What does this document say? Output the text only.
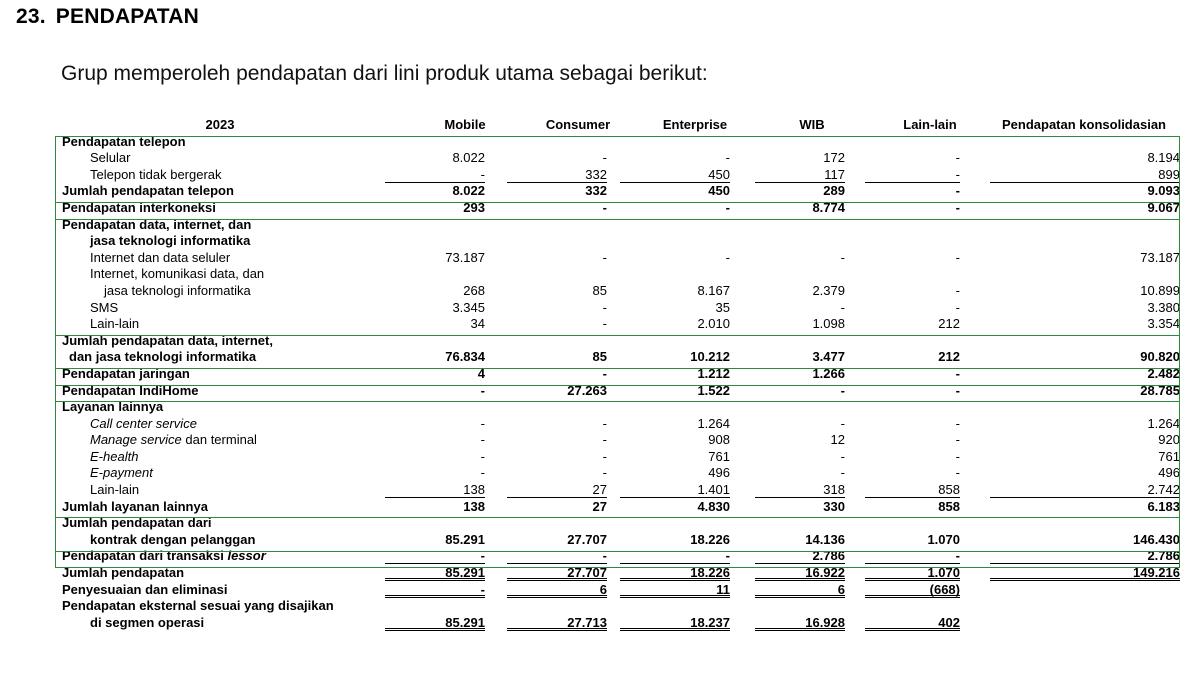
23. PENDAPATAN
Grup memperoleh pendapatan dari lini produk utama sebagai berikut:
2023	Mobile	Consumer	Enterprise	WIB	Lain-lain	Pendapatan konsolidasian
Pendapatan telepon
Selular	8.022	-	-	172	-	8.194
Telepon tidak bergerak	-	332	450	117	-	899
Jumlah pendapatan telepon	8.022	332	450	289	-	9.093
Pendapatan interkoneksi	293	-	-	8.774	-	9.067
Pendapatan data, internet, dan
jasa teknologi informatika
Internet dan data seluler	73.187	-	-	-	-	73.187
Internet, komunikasi data, dan
jasa teknologi informatika	268	85	8.167	2.379	-	10.899
SMS	3.345	-	35	-	-	3.380
Lain-lain	34	-	2.010	1.098	212	3.354
Jumlah pendapatan data, internet,
dan jasa teknologi informatika	76.834	85	10.212	3.477	212	90.820
Pendapatan jaringan	4	-	1.212	1.266	-	2.482
Pendapatan IndiHome	-	27.263	1.522	-	-	28.785
Layanan lainnya
Call center service	-	-	1.264	-	-	1.264
Manage service dan terminal	-	-	908	12	-	920
E-health	-	-	761	-	-	761
E-payment	-	-	496	-	-	496
Lain-lain	138	27	1.401	318	858	2.742
Jumlah layanan lainnya	138	27	4.830	330	858	6.183
Jumlah pendapatan dari
kontrak dengan pelanggan	85.291	27.707	18.226	14.136	1.070	146.430
Pendapatan dari transaksi lessor	-	-	-	2.786	-	2.786
Jumlah pendapatan	85.291	27.707	18.226	16.922	1.070	149.216
Penyesuaian dan eliminasi	-	6	11	6	(668)
Pendapatan eksternal sesuai yang disajikan
di segmen operasi	85.291	27.713	18.237	16.928	402
